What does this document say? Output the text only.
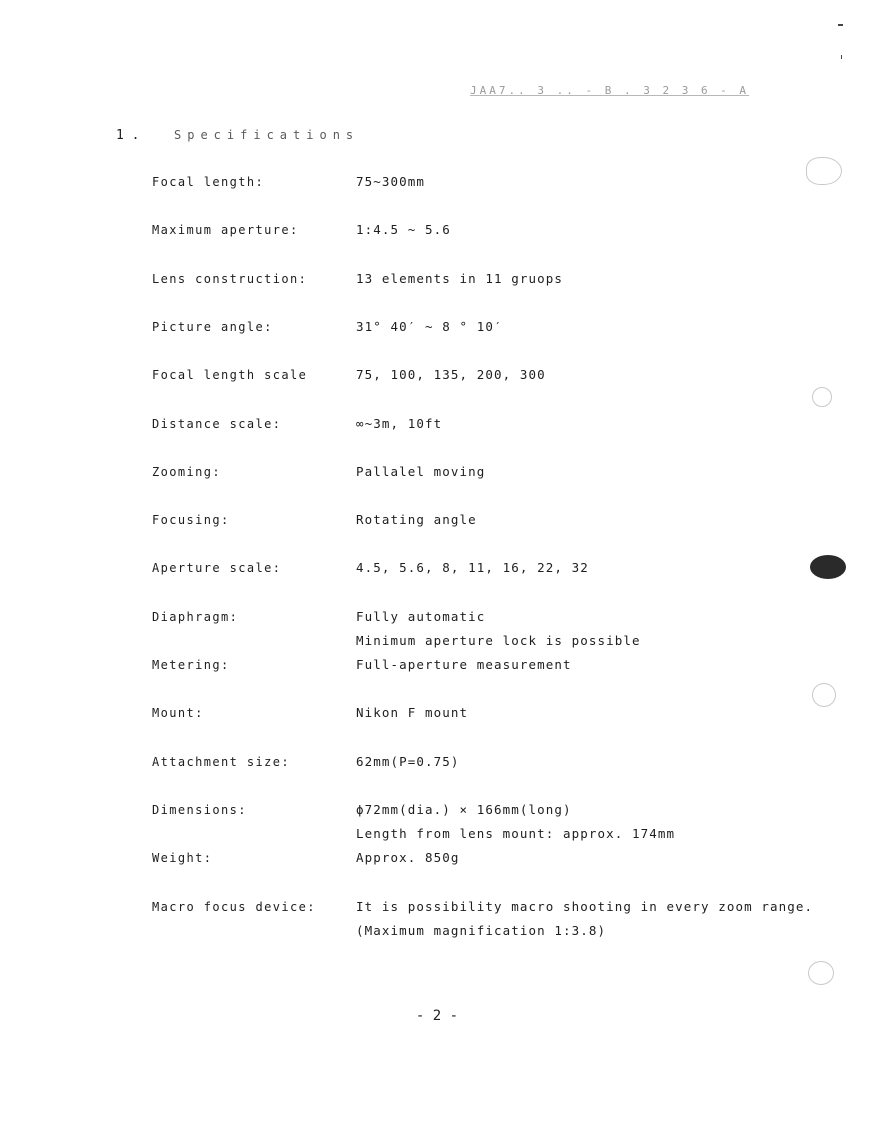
JAA7.. 3 .. - B . 3 2 3 6 - A
1 .	Specifications
Focal length:	75~300mm
Maximum aperture:	1:4.5 ~ 5.6
Lens construction:	13 elements in 11 gruops
Picture angle:	31° 40′ ~ 8 ° 10′
Focal length scale	75, 100, 135, 200, 300
Distance scale:	∞~3m, 10ft
Zooming:	Pallalel moving
Focusing:	Rotating angle
Aperture scale:	4.5, 5.6, 8, 11, 16, 22, 32
Diaphragm:	Fully automatic
Minimum aperture lock is possible
Metering:	Full-aperture measurement
Mount:	Nikon F mount
Attachment size:	62mm(P=0.75)
Dimensions:	ϕ72mm(dia.) × 166mm(long)
Length from lens mount: approx. 174mm
Weight:	Approx. 850g
Macro focus device:	It is possibility macro shooting in every zoom range.
(Maximum magnification 1:3.8)
- 2 -
